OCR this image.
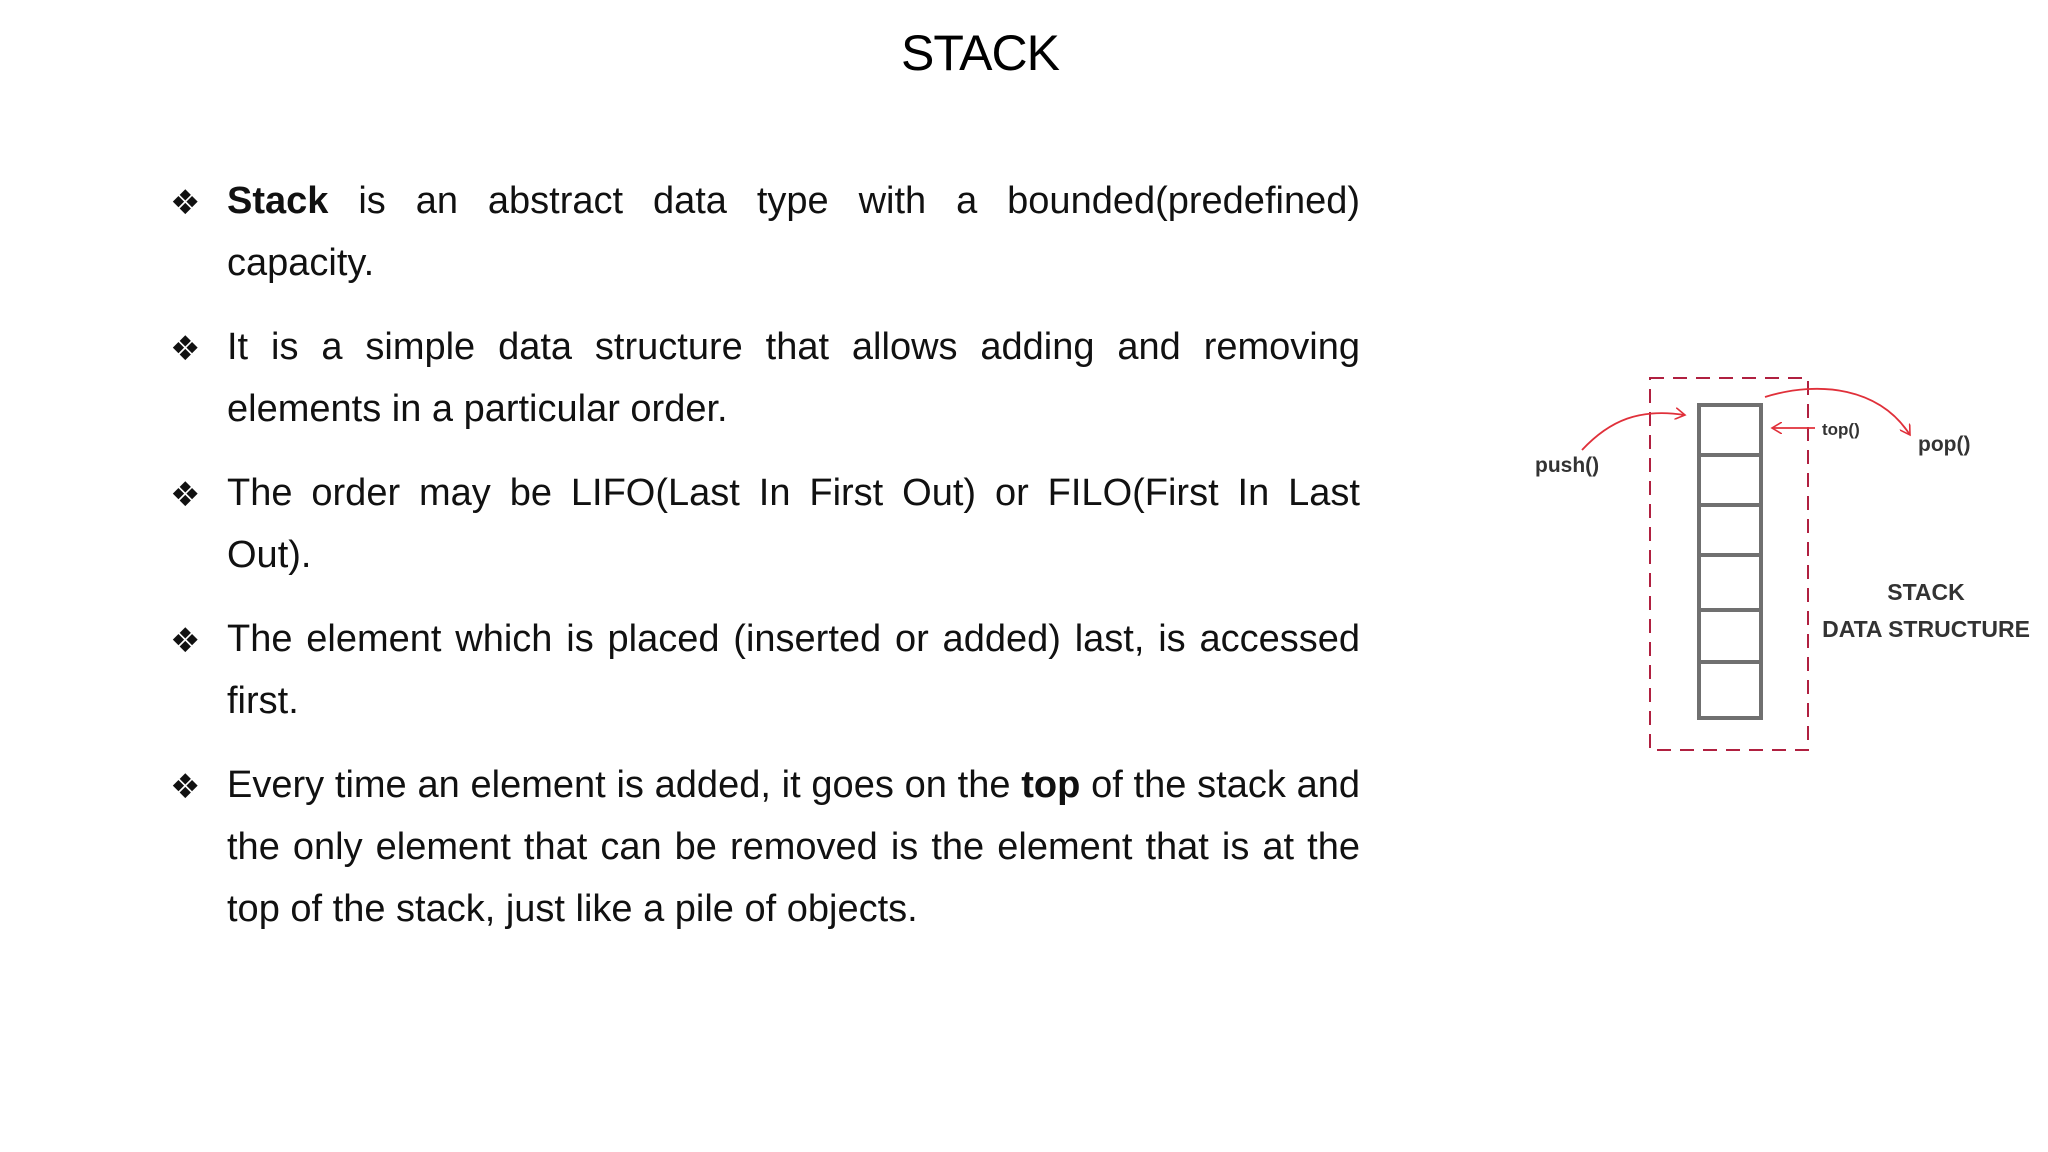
STACK
❖ Stack is an abstract data type with a bounded(predefined) capacity.
❖ It is a simple data structure that allows adding and removing elements in a particular order.
❖ The order may be LIFO(Last In First Out) or FILO(First In Last Out).
❖ The element which is placed (inserted or added) last, is accessed first.
❖ Every time an element is added, it goes on the top of the stack and the only element that can be removed is the element that is at the top of the stack, just like a pile of objects.
push()
top()
pop()
STACK
DATA STRUCTURE
